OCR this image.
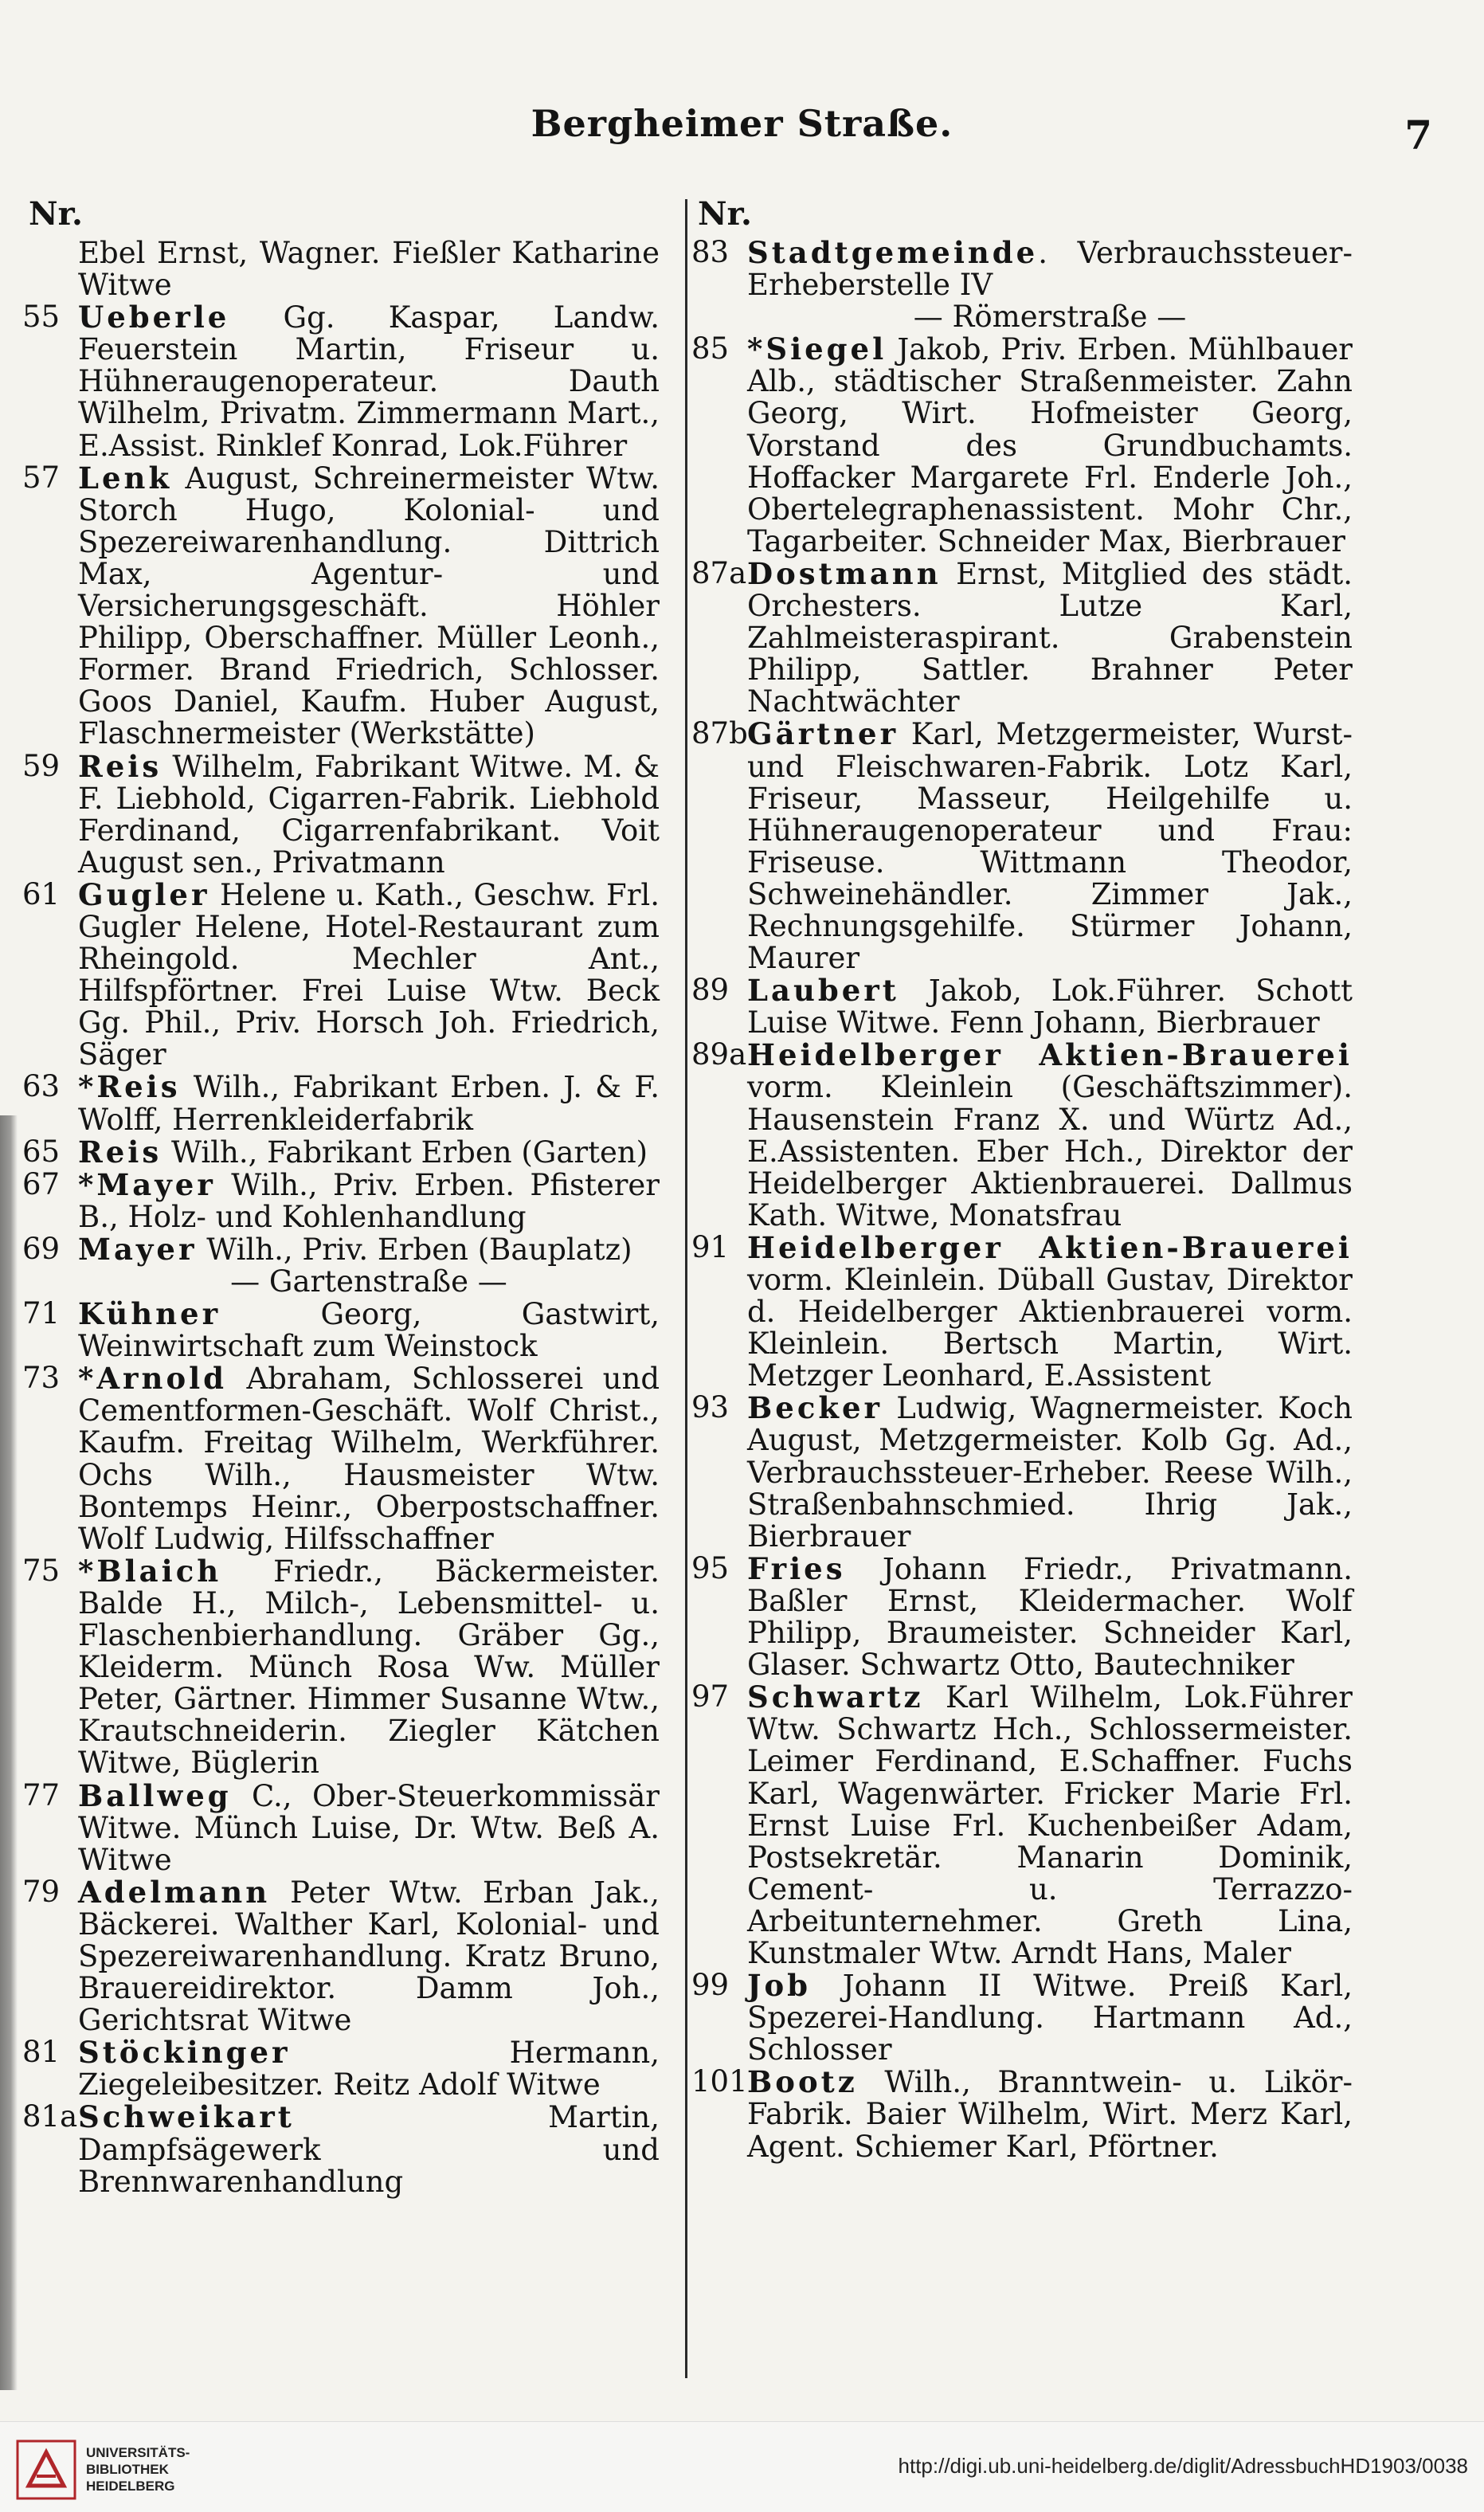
Bergheimer Straße.	7
Nr.
Ebel Ernst, Wagner. Fießler Katharine Witwe
55 Ueberle Gg. Kaspar, Landw. Feuerstein Martin, Friseur u. Hühneraugenoperateur. Dauth Wilhelm, Privatm. Zimmermann Mart., E.Assist. Rinklef Konrad, Lok.Führer
57 Lenk August, Schreinermeister Wtw. Storch Hugo, Kolonial- und Spezereiwarenhandlung. Dittrich Max, Agentur- und Versicherungsgeschäft. Höhler Philipp, Oberschaffner. Müller Leonh., Former. Brand Friedrich, Schlosser. Goos Daniel, Kaufm. Huber August, Flaschnermeister (Werkstätte)
59 Reis Wilhelm, Fabrikant Witwe. M. & F. Liebhold, Cigarren-Fabrik. Liebhold Ferdinand, Cigarrenfabrikant. Voit August sen., Privatmann
61 Gugler Helene u. Kath., Geschw. Frl. Gugler Helene, Hotel-Restaurant zum Rheingold. Mechler Ant., Hilfspförtner. Frei Luise Wtw. Beck Gg. Phil., Priv. Horsch Joh. Friedrich, Säger
63 *Reis Wilh., Fabrikant Erben. J. & F. Wolff, Herrenkleiderfabrik
65 Reis Wilh., Fabrikant Erben (Garten)
67 *Mayer Wilh., Priv. Erben. Pfisterer B., Holz- und Kohlenhandlung
69 Mayer Wilh., Priv. Erben (Bauplatz)
— Gartenstraße —
71 Kühner Georg, Gastwirt, Weinwirtschaft zum Weinstock
73 *Arnold Abraham, Schlosserei und Cementformen-Geschäft. Wolf Christ., Kaufm. Freitag Wilhelm, Werkführer. Ochs Wilh., Hausmeister Wtw. Bontemps Heinr., Oberpostschaffner. Wolf Ludwig, Hilfsschaffner
75 *Blaich Friedr., Bäckermeister. Balde H., Milch-, Lebensmittel- u. Flaschenbierhandlung. Gräber Gg., Kleiderm. Münch Rosa Ww. Müller Peter, Gärtner. Himmer Susanne Wtw., Krautschneiderin. Ziegler Kätchen Witwe, Büglerin
77 Ballweg C., Ober-Steuerkommissär Witwe. Münch Luise, Dr. Wtw. Beß A. Witwe
79 Adelmann Peter Wtw. Erban Jak., Bäckerei. Walther Karl, Kolonial- und Spezereiwarenhandlung. Kratz Bruno, Brauereidirektor. Damm Joh., Gerichtsrat Witwe
81 Stöckinger Hermann, Ziegeleibesitzer. Reitz Adolf Witwe
81a Schweikart Martin, Dampfsägewerk und Brennwarenhandlung
Nr.
83 Stadtgemeinde. Verbrauchssteuer-Erheberstelle IV
— Römerstraße —
85 *Siegel Jakob, Priv. Erben. Mühlbauer Alb., städtischer Straßenmeister. Zahn Georg, Wirt. Hofmeister Georg, Vorstand des Grundbuchamts. Hoffacker Margarete Frl. Enderle Joh., Obertelegraphenassistent. Mohr Chr., Tagarbeiter. Schneider Max, Bierbrauer
87a Dostmann Ernst, Mitglied des städt. Orchesters. Lutze Karl, Zahlmeisteraspirant. Grabenstein Philipp, Sattler. Brahner Peter Nachtwächter
87b Gärtner Karl, Metzgermeister, Wurst- und Fleischwaren-Fabrik. Lotz Karl, Friseur, Masseur, Heilgehilfe u. Hühneraugenoperateur und Frau: Friseuse. Wittmann Theodor, Schweinehändler. Zimmer Jak., Rechnungsgehilfe. Stürmer Johann, Maurer
89 Laubert Jakob, Lok.Führer. Schott Luise Witwe. Fenn Johann, Bierbrauer
89a Heidelberger Aktien-Brauerei vorm. Kleinlein (Geschäftszimmer). Hausenstein Franz X. und Würtz Ad., E.Assistenten. Eber Hch., Direktor der Heidelberger Aktienbrauerei. Dallmus Kath. Witwe, Monatsfrau
91 Heidelberger Aktien-Brauerei vorm. Kleinlein. Düball Gustav, Direktor d. Heidelberger Aktienbrauerei vorm. Kleinlein. Bertsch Martin, Wirt. Metzger Leonhard, E.Assistent
93 Becker Ludwig, Wagnermeister. Koch August, Metzgermeister. Kolb Gg. Ad., Verbrauchssteuer-Erheber. Reese Wilh., Straßenbahnschmied. Ihrig Jak., Bierbrauer
95 Fries Johann Friedr., Privatmann. Baßler Ernst, Kleidermacher. Wolf Philipp, Braumeister. Schneider Karl, Glaser. Schwartz Otto, Bautechniker
97 Schwartz Karl Wilhelm, Lok.Führer Wtw. Schwartz Hch., Schlossermeister. Leimer Ferdinand, E.Schaffner. Fuchs Karl, Wagenwärter. Fricker Marie Frl. Ernst Luise Frl. Kuchenbeißer Adam, Postsekretär. Manarin Dominik, Cement- u. Terrazzo-Arbeitunternehmer. Greth Lina, Kunstmaler Wtw. Arndt Hans, Maler
99 Job Johann II Witwe. Preiß Karl, Spezerei-Handlung. Hartmann Ad., Schlosser
101 Bootz Wilh., Branntwein- u. Likör-Fabrik. Baier Wilhelm, Wirt. Merz Karl, Agent. Schiemer Karl, Pförtner.
UNIVERSITÄTS-
BIBLIOTHEK
HEIDELBERG
http://digi.ub.uni-heidelberg.de/diglit/AdressbuchHD1903/0038
